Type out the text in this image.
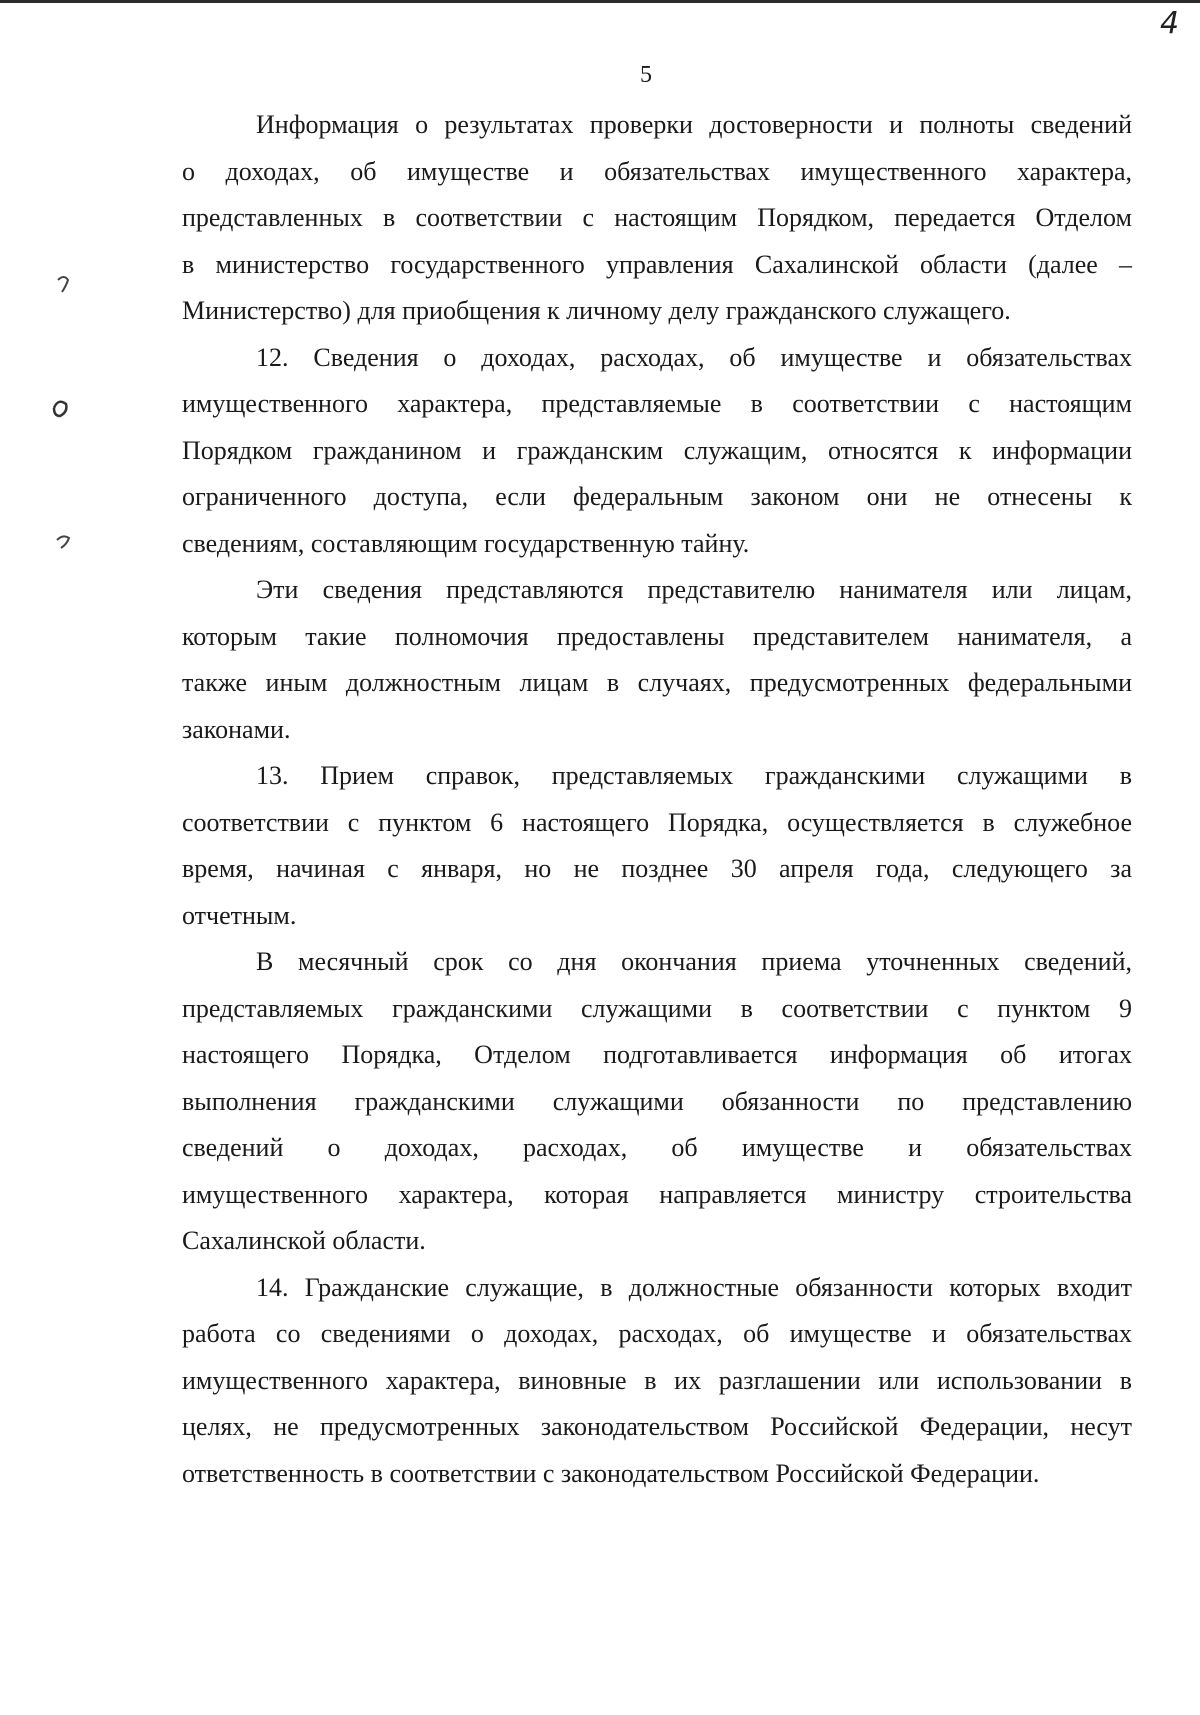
4
5
Информация о результатах проверки достоверности и полноты сведений
о доходах, об имуществе и обязательствах имущественного характера,
представленных в соответствии с настоящим Порядком, передается Отделом
в министерство государственного управления Сахалинской области (далее –
Министерство) для приобщения к личному делу гражданского служащего.
12. Сведения о доходах, расходах, об имуществе и обязательствах
имущественного характера, представляемые в соответствии с настоящим
Порядком гражданином и гражданским служащим, относятся к информации
ограниченного доступа, если федеральным законом они не отнесены к
сведениям, составляющим государственную тайну.
Эти сведения представляются представителю нанимателя или лицам,
которым такие полномочия предоставлены представителем нанимателя, а
также иным должностным лицам в случаях, предусмотренных федеральными
законами.
13. Прием справок, представляемых гражданскими служащими в
соответствии с пунктом 6 настоящего Порядка, осуществляется в служебное
время, начиная с января, но не позднее 30 апреля года, следующего за
отчетным.
В месячный срок со дня окончания приема уточненных сведений,
представляемых гражданскими служащими в соответствии с пунктом 9
настоящего Порядка, Отделом подготавливается информация об итогах
выполнения гражданскими служащими обязанности по представлению
сведений о доходах, расходах, об имуществе и обязательствах
имущественного характера, которая направляется министру строительства
Сахалинской области.
14. Гражданские служащие, в должностные обязанности которых входит
работа со сведениями о доходах, расходах, об имуществе и обязательствах
имущественного характера, виновные в их разглашении или использовании в
целях, не предусмотренных законодательством Российской Федерации, несут
ответственность в соответствии с законодательством Российской Федерации.
